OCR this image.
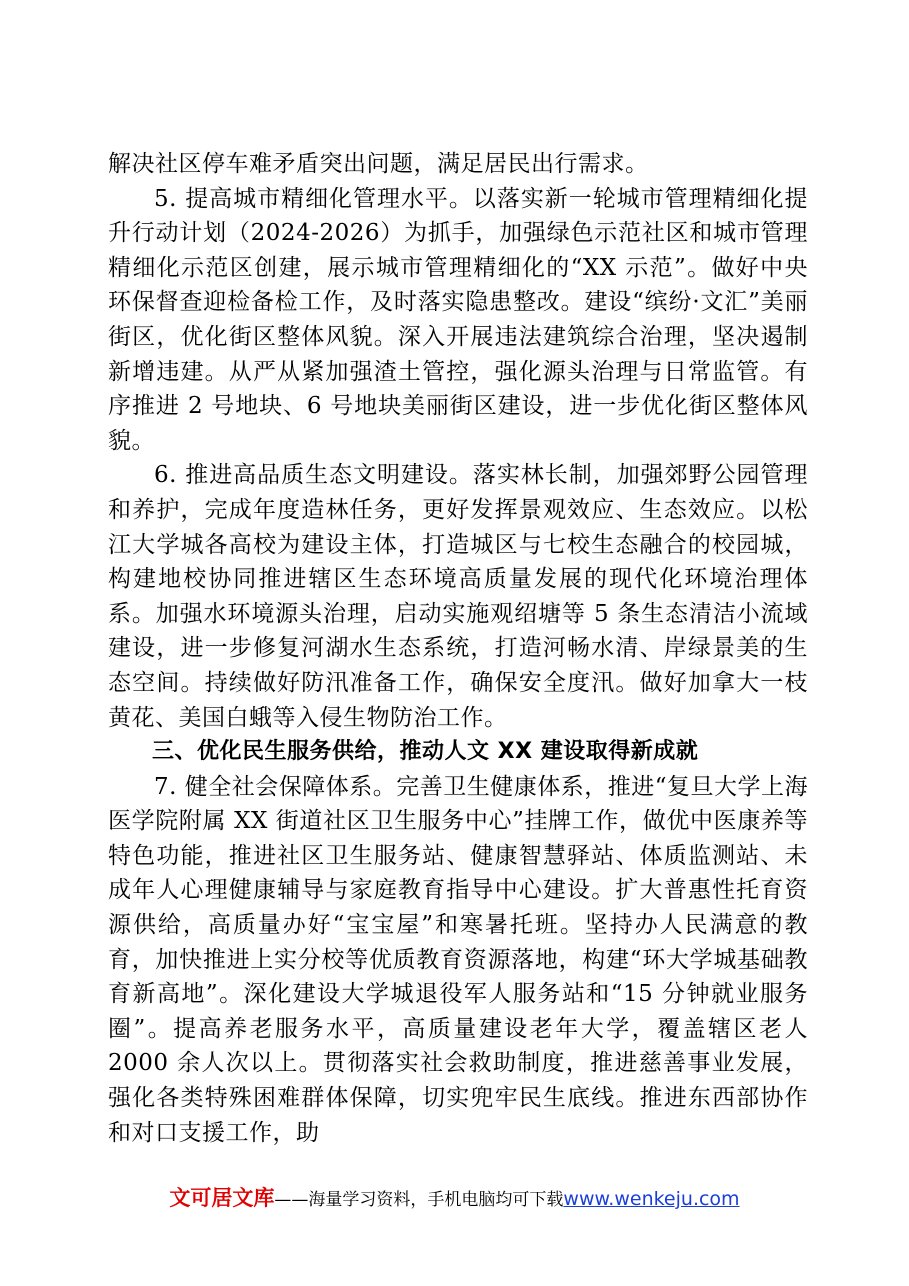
解决社区停车难矛盾突出问题，满足居民出行需求。

5. 提高城市精细化管理水平。以落实新一轮城市管理精细化提升行动计划（2024-2026）为抓手，加强绿色示范社区和城市管理精细化示范区创建，展示城市管理精细化的“XX 示范”。做好中央环保督查迎检备检工作，及时落实隐患整改。建设“缤纷·文汇”美丽街区，优化街区整体风貌。深入开展违法建筑综合治理，坚决遏制新增违建。从严从紧加强渣土管控，强化源头治理与日常监管。有序推进 2 号地块、6 号地块美丽街区建设，进一步优化街区整体风貌。

6. 推进高品质生态文明建设。落实林长制，加强郊野公园管理和养护，完成年度造林任务，更好发挥景观效应、生态效应。以松江大学城各高校为建设主体，打造城区与七校生态融合的校园城，构建地校协同推进辖区生态环境高质量发展的现代化环境治理体系。加强水环境源头治理，启动实施观绍塘等 5 条生态清洁小流域建设，进一步修复河湖水生态系统，打造河畅水清、岸绿景美的生态空间。持续做好防汛准备工作，确保安全度汛。做好加拿大一枝黄花、美国白蛾等入侵生物防治工作。

三、优化民生服务供给，推动人文 XX 建设取得新成就

7. 健全社会保障体系。完善卫生健康体系，推进“复旦大学上海医学院附属 XX 街道社区卫生服务中心”挂牌工作，做优中医康养等特色功能，推进社区卫生服务站、健康智慧驿站、体质监测站、未成年人心理健康辅导与家庭教育指导中心建设。扩大普惠性托育资源供给，高质量办好“宝宝屋”和寒暑托班。坚持办人民满意的教育，加快推进上实分校等优质教育资源落地，构建“环大学城基础教育新高地”。深化建设大学城退役军人服务站和“15 分钟就业服务圈”。提高养老服务水平，高质量建设老年大学，覆盖辖区老人 2000 余人次以上。贯彻落实社会救助制度，推进慈善事业发展，强化各类特殊困难群体保障，切实兜牢民生底线。推进东西部协作和对口支援工作，助

文可居文库——海量学习资料，手机电脑均可下载www.wenkeju.com
